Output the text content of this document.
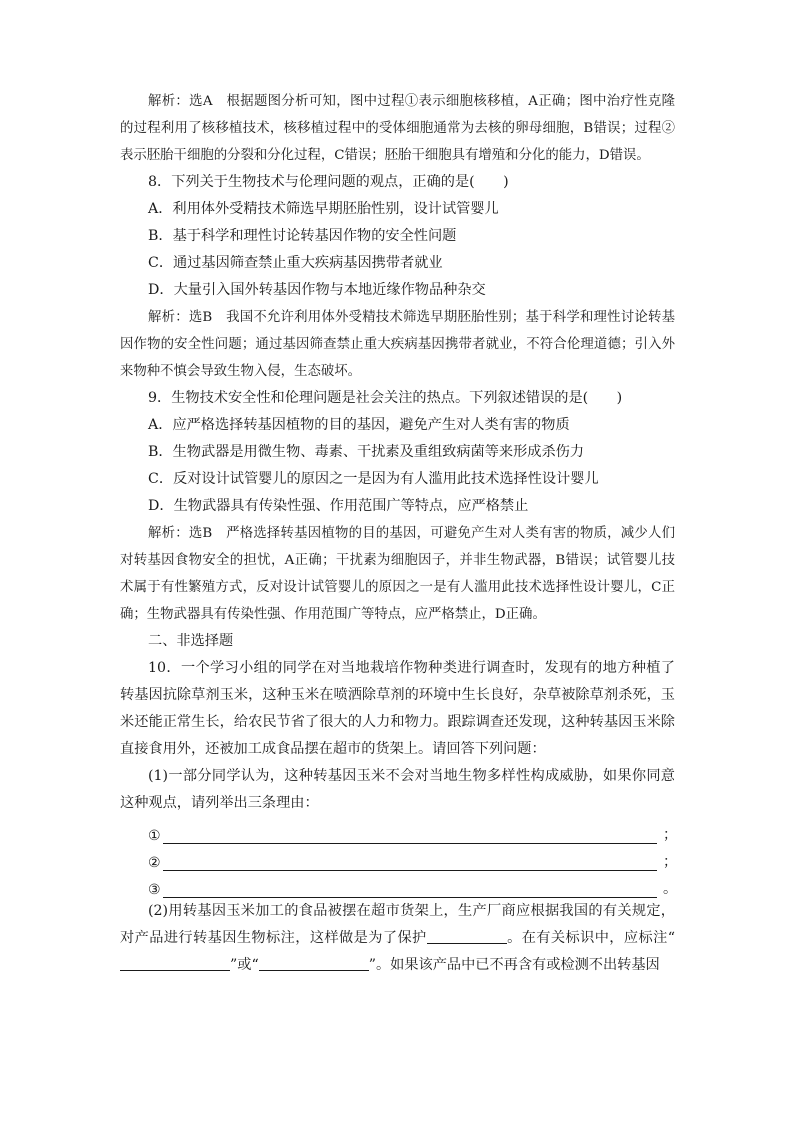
解析：选A　根据题图分析可知，图中过程①表示细胞核移植，A正确；图中治疗性克隆的过程利用了核移植技术，核移植过程中的受体细胞通常为去核的卵母细胞，B错误；过程②表示胚胎干细胞的分裂和分化过程，C错误；胚胎干细胞具有增殖和分化的能力，D错误。

8．下列关于生物技术与伦理问题的观点，正确的是(　　)

A．利用体外受精技术筛选早期胚胎性别，设计试管婴儿

B．基于科学和理性讨论转基因作物的安全性问题

C．通过基因筛查禁止重大疾病基因携带者就业

D．大量引入国外转基因作物与本地近缘作物品种杂交

解析：选B　我国不允许利用体外受精技术筛选早期胚胎性别；基于科学和理性讨论转基因作物的安全性问题；通过基因筛查禁止重大疾病基因携带者就业，不符合伦理道德；引入外来物种不慎会导致生物入侵，生态破坏。

9．生物技术安全性和伦理问题是社会关注的热点。下列叙述错误的是(　　)

A．应严格选择转基因植物的目的基因，避免产生对人类有害的物质

B．生物武器是用微生物、毒素、干扰素及重组致病菌等来形成杀伤力

C．反对设计试管婴儿的原因之一是因为有人滥用此技术选择性设计婴儿

D．生物武器具有传染性强、作用范围广等特点，应严格禁止

解析：选B　严格选择转基因植物的目的基因，可避免产生对人类有害的物质，减少人们对转基因食物安全的担忧，A正确；干扰素为细胞因子，并非生物武器，B错误；试管婴儿技术属于有性繁殖方式，反对设计试管婴儿的原因之一是有人滥用此技术选择性设计婴儿，C正确；生物武器具有传染性强、作用范围广等特点，应严格禁止，D正确。

二、非选择题

10．一个学习小组的同学在对当地栽培作物种类进行调查时，发现有的地方种植了转基因抗除草剂玉米，这种玉米在喷洒除草剂的环境中生长良好，杂草被除草剂杀死，玉米还能正常生长，给农民节省了很大的人力和物力。跟踪调查还发现，这种转基因玉米除直接食用外，还被加工成食品摆在超市的货架上。请回答下列问题：

(1)一部分同学认为，这种转基因玉米不会对当地生物多样性构成威胁，如果你同意这种观点，请列举出三条理由：

①	；
②	；
③	。

(2)用转基因玉米加工的食品被摆在超市货架上，生产厂商应根据我国的有关规定，对产品进行转基因生物标注，这样做是为了保护	。在有关标识中，应标注“”或“	”。如果该产品中已不再含有或检测不出转基因
